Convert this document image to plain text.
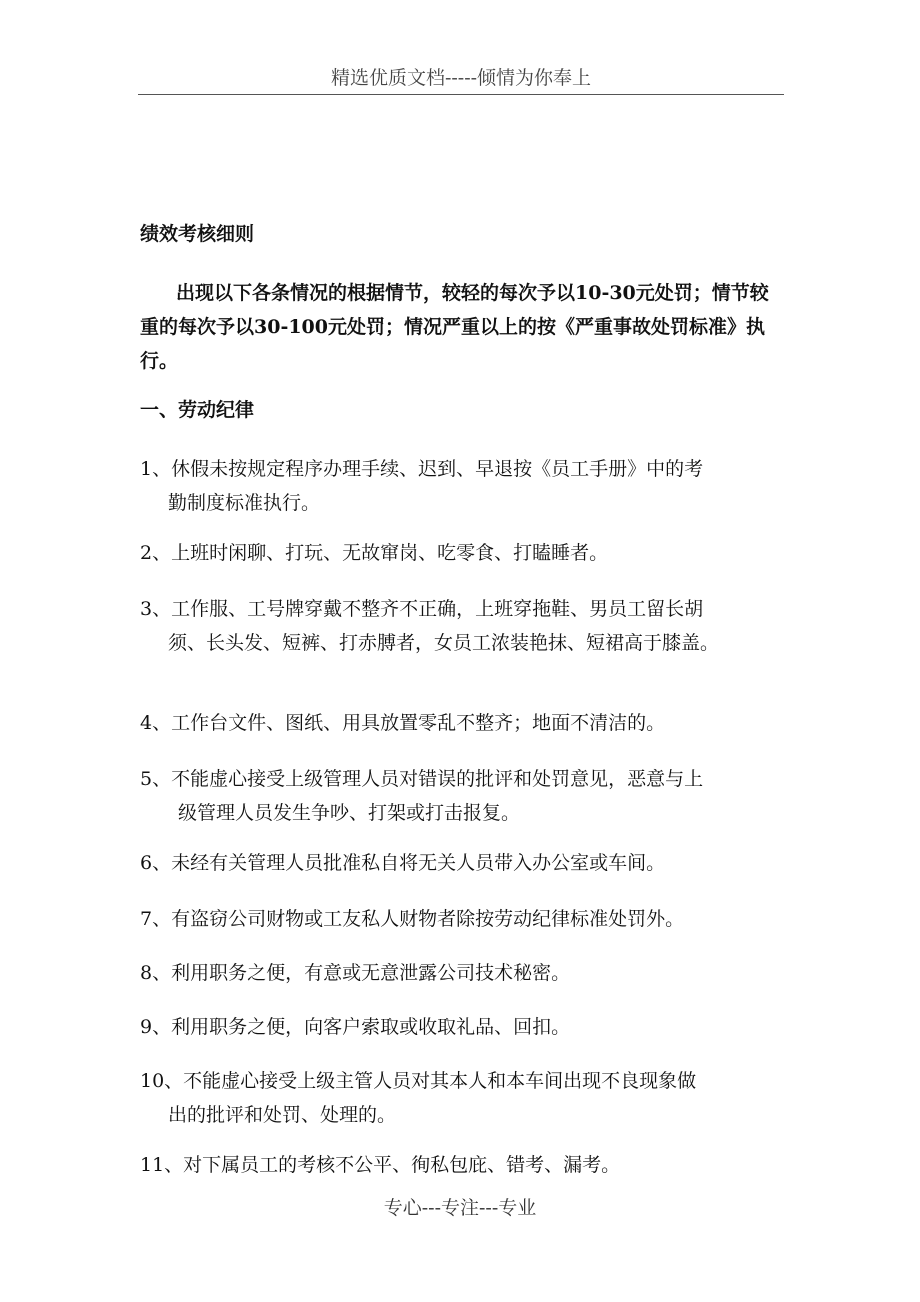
精选优质文档-----倾情为你奉上
绩效考核细则
出现以下各条情况的根据情节，较轻的每次予以10-30元处罚；情节较重的每次予以30-100元处罚；情况严重以上的按《严重事故处罚标准》执行。
一、劳动纪律
1、休假未按规定程序办理手续、迟到、早退按《员工手册》中的考
勤制度标准执行。
2、上班时闲聊、打玩、无故窜岗、吃零食、打瞌睡者。
3、工作服、工号牌穿戴不整齐不正确，上班穿拖鞋、男员工留长胡
须、长头发、短裤、打赤膊者，女员工浓装艳抹、短裙高于膝盖。
4、工作台文件、图纸、用具放置零乱不整齐；地面不清洁的。
5、不能虚心接受上级管理人员对错误的批评和处罚意见，恶意与上
级管理人员发生争吵、打架或打击报复。
6、未经有关管理人员批准私自将无关人员带入办公室或车间。
7、有盗窃公司财物或工友私人财物者除按劳动纪律标准处罚外。
8、利用职务之便，有意或无意泄露公司技术秘密。
9、利用职务之便，向客户索取或收取礼品、回扣。
10、不能虚心接受上级主管人员对其本人和本车间出现不良现象做
出的批评和处罚、处理的。
11、对下属员工的考核不公平、徇私包庇、错考、漏考。
专心---专注---专业
